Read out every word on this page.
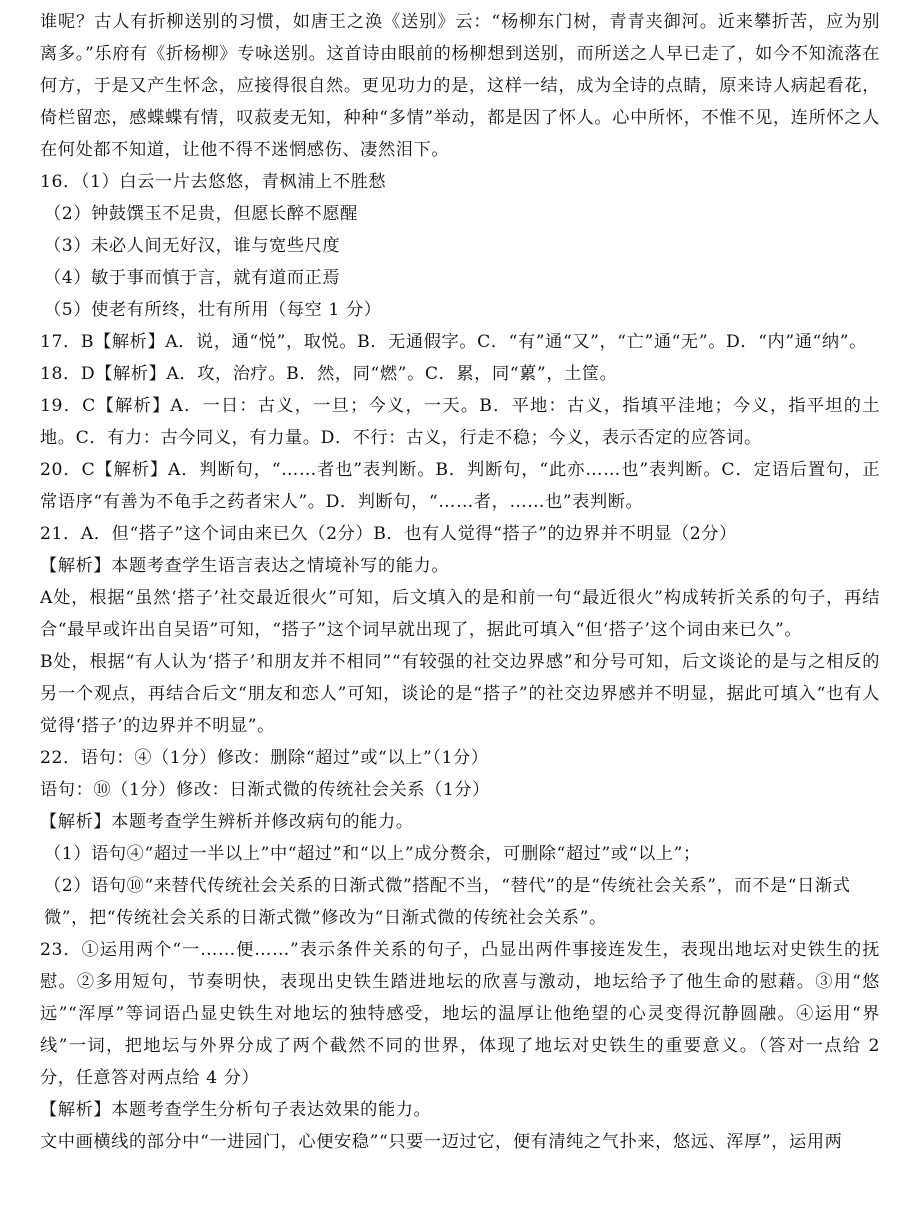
谁呢？古人有折柳送别的习惯，如唐王之涣《送别》云：“杨柳东门树，青青夹御河。近来攀折苦，应为别离多。”乐府有《折杨柳》专咏送别。这首诗由眼前的杨柳想到送别，而所送之人早已走了，如今不知流落在何方，于是又产生怀念，应接得很自然。更见功力的是，这样一结，成为全诗的点睛，原来诗人病起看花，倚栏留恋，感蝶蝶有情，叹菽麦无知，种种“多情”举动，都是因了怀人。心中所怀，不惟不见，连所怀之人在何处都不知道，让他不得不迷惘感伤、凄然泪下。

16．（1）白云一片去悠悠，青枫浦上不胜愁

（2）钟鼓馔玉不足贵，但愿长醉不愿醒

（3）未必人间无好汉，谁与宽些尺度

（4）敏于事而慎于言，就有道而正焉

（5）使老有所终，壮有所用（每空 1 分）

17．B【解析】A．说，通“悦”，取悦。B．无通假字。C．“有”通“又”，“亡”通“无”。D．“内”通“纳”。

18．D【解析】A．攻，治疗。B．然，同“燃”。C．累，同“蔂”，土筐。

19．C【解析】A．一日：古义，一旦；今义，一天。B．平地：古义，指填平洼地；今义，指平坦的土地。C．有力：古今同义，有力量。D．不行：古义，行走不稳；今义，表示否定的应答词。

20．C【解析】A．判断句，“……者也”表判断。B．判断句，“此亦……也”表判断。C．定语后置句，正常语序“有善为不龟手之药者宋人”。D．判断句，“……者，……也”表判断。

21．A．但“搭子”这个词由来已久（2分）B．也有人觉得“搭子”的边界并不明显（2分）

【解析】本题考查学生语言表达之情境补写的能力。

A处，根据“虽然‘搭子’社交最近很火”可知，后文填入的是和前一句“最近很火”构成转折关系的句子，再结合“最早或许出自吴语”可知，“搭子”这个词早就出现了，据此可填入“但‘搭子’这个词由来已久”。

B处，根据“有人认为‘搭子’和朋友并不相同”“有较强的社交边界感”和分号可知，后文谈论的是与之相反的另一个观点，再结合后文“朋友和恋人”可知，谈论的是“搭子”的社交边界感并不明显，据此可填入“也有人觉得‘搭子’的边界并不明显”。

22．语句：④（1分）修改：删除“超过”或“以上”（1分）

语句：⑩（1分）修改：日渐式微的传统社会关系（1分）

【解析】本题考查学生辨析并修改病句的能力。

（1）语句④“超过一半以上”中“超过”和“以上”成分赘余，可删除“超过”或“以上”；

（2）语句⑩“来替代传统社会关系的日渐式微”搭配不当，“替代”的是“传统社会关系”，而不是“日渐式微”，把“传统社会关系的日渐式微”修改为“日渐式微的传统社会关系”。

23．①运用两个“一……便……”表示条件关系的句子，凸显出两件事接连发生，表现出地坛对史铁生的抚慰。②多用短句，节奏明快，表现出史铁生踏进地坛的欣喜与激动，地坛给予了他生命的慰藉。③用“悠远”“浑厚”等词语凸显史铁生对地坛的独特感受，地坛的温厚让他绝望的心灵变得沉静圆融。④运用“界线”一词，把地坛与外界分成了两个截然不同的世界，体现了地坛对史铁生的重要意义。（答对一点给 2 分，任意答对两点给 4 分）

【解析】本题考查学生分析句子表达效果的能力。

文中画横线的部分中“一进园门，心便安稳”“只要一迈过它，便有清纯之气扑来，悠远、浑厚”，运用两
